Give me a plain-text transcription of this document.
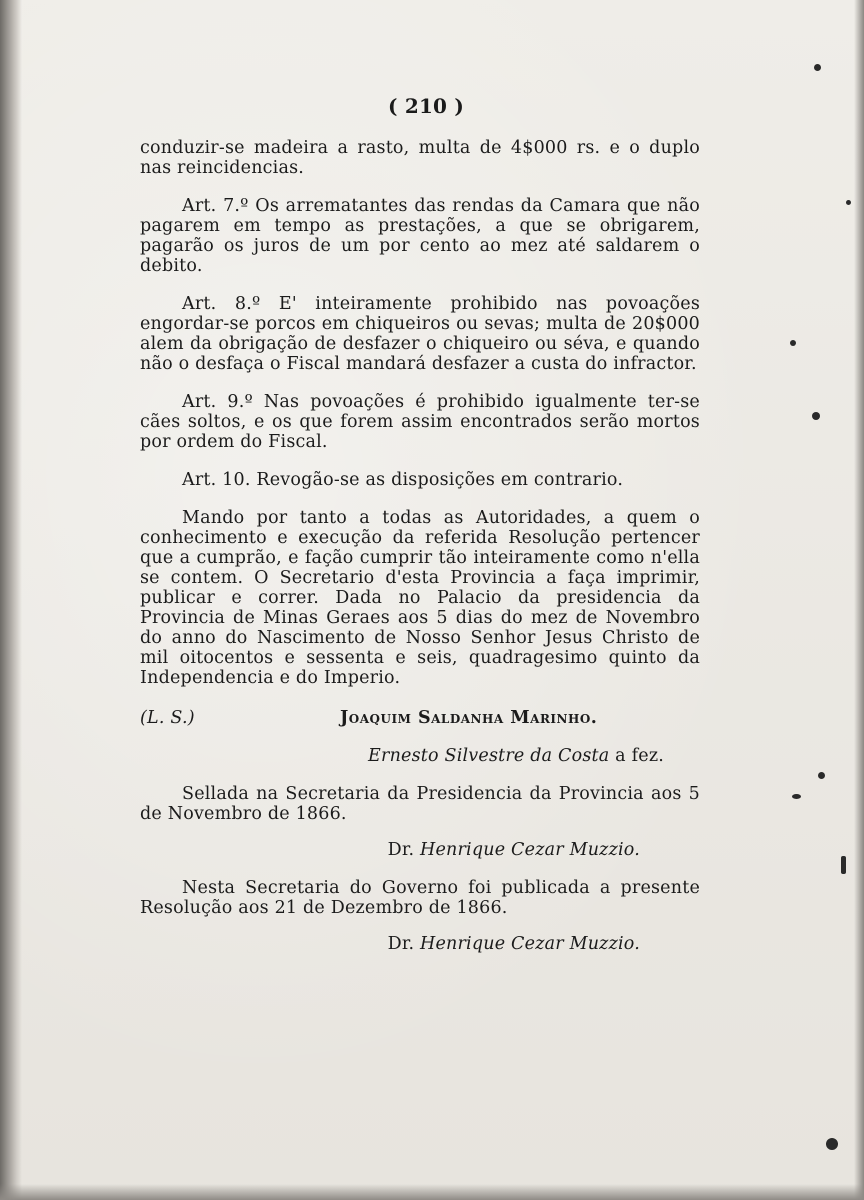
( 210 )

conduzir-se madeira a rasto, multa de 4$000 rs. e o duplo nas reincidencias.

Art. 7.º Os arrematantes das rendas da Camara que não pagarem em tempo as prestações, a que se obrigarem, pagarão os juros de um por cento ao mez até saldarem o debito.

Art. 8.º E' inteiramente prohibido nas povoações engordar-se porcos em chiqueiros ou sevas; multa de 20$000 alem da obrigação de desfazer o chiqueiro ou séva, e quando não o desfaça o Fiscal mandará desfazer a custa do infractor.

Art. 9.º Nas povoações é prohibido igualmente ter-se cães soltos, e os que forem assim encontrados serão mortos por ordem do Fiscal.

Art. 10. Revogão-se as disposições em contrario.

Mando por tanto a todas as Autoridades, a quem o conhecimento e execução da referida Resolução pertencer que a cumprão, e fação cumprir tão inteiramente como n'ella se contem. O Secretario d'esta Provincia a faça imprimir, publicar e correr. Dada no Palacio da presidencia da Provincia de Minas Geraes aos 5 dias do mez de Novembro do anno do Nascimento de Nosso Senhor Jesus Christo de mil oitocentos e sessenta e seis, quadragesimo quinto da Independencia e do Imperio.

(L. S.)	Joaquim Saldanha Marinho.
Ernesto Silvestre da Costa a fez.

Sellada na Secretaria da Presidencia da Provincia aos 5 de Novembro de 1866.

Dr. Henrique Cezar Muzzio.

Nesta Secretaria do Governo foi publicada a presente Resolução aos 21 de Dezembro de 1866.

Dr. Henrique Cezar Muzzio.
